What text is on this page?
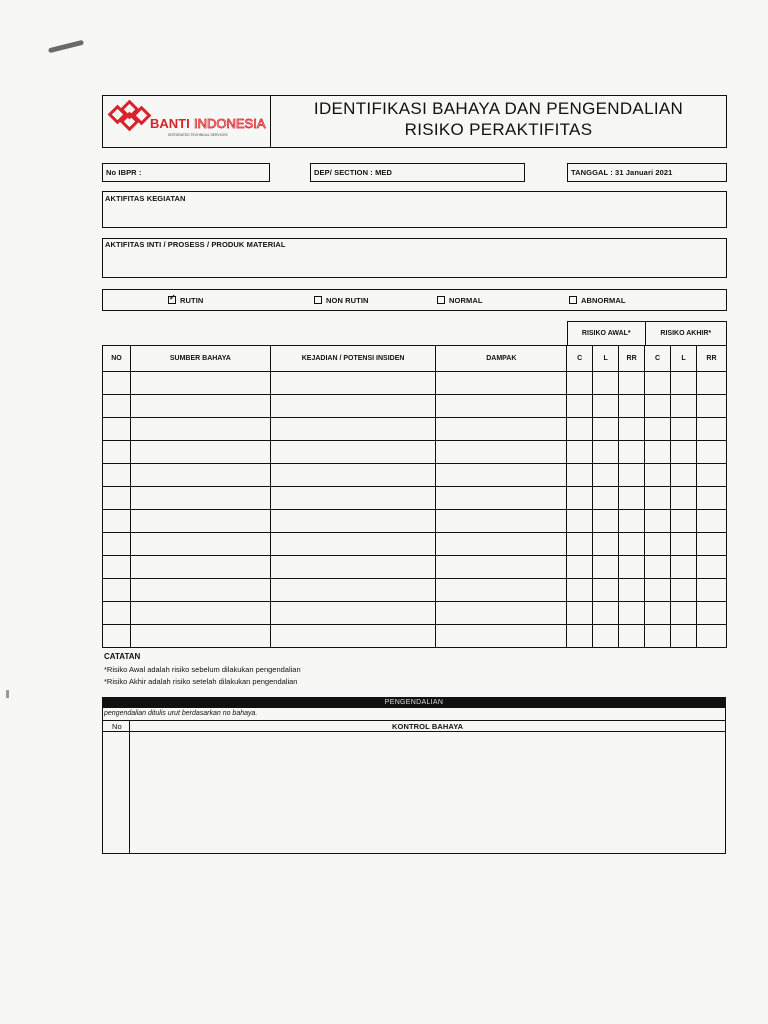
BANTI INDONESIA
INTEGRATED TECHNICAL SERVICES
IDENTIFIKASI BAHAYA DAN PENGENDALIAN
RISIKO PERAKTIFITAS
No IBPR :	DEP/ SECTION : MED	TANGGAL : 31 Januari 2021
AKTIFITAS KEGIATAN
AKTIFITAS INTI / PROSESS / PRODUK MATERIAL
✓RUTIN	NON RUTIN	NORMAL	ABNORMAL
RISIKO AWAL*	RISIKO AKHIR*
NO	SUMBER BAHAYA	KEJADIAN / POTENSI INSIDEN	DAMPAK	C	L	RR	C	L	RR

CATATAN
*Risiko Awal adalah risiko sebelum dilakukan pengendalian
*Risiko Akhir adalah risiko setelah dilakukan pengendalian
PENGENDALIAN
pengendalian ditulis urut berdasarkan no bahaya.
No	KONTROL BAHAYA
